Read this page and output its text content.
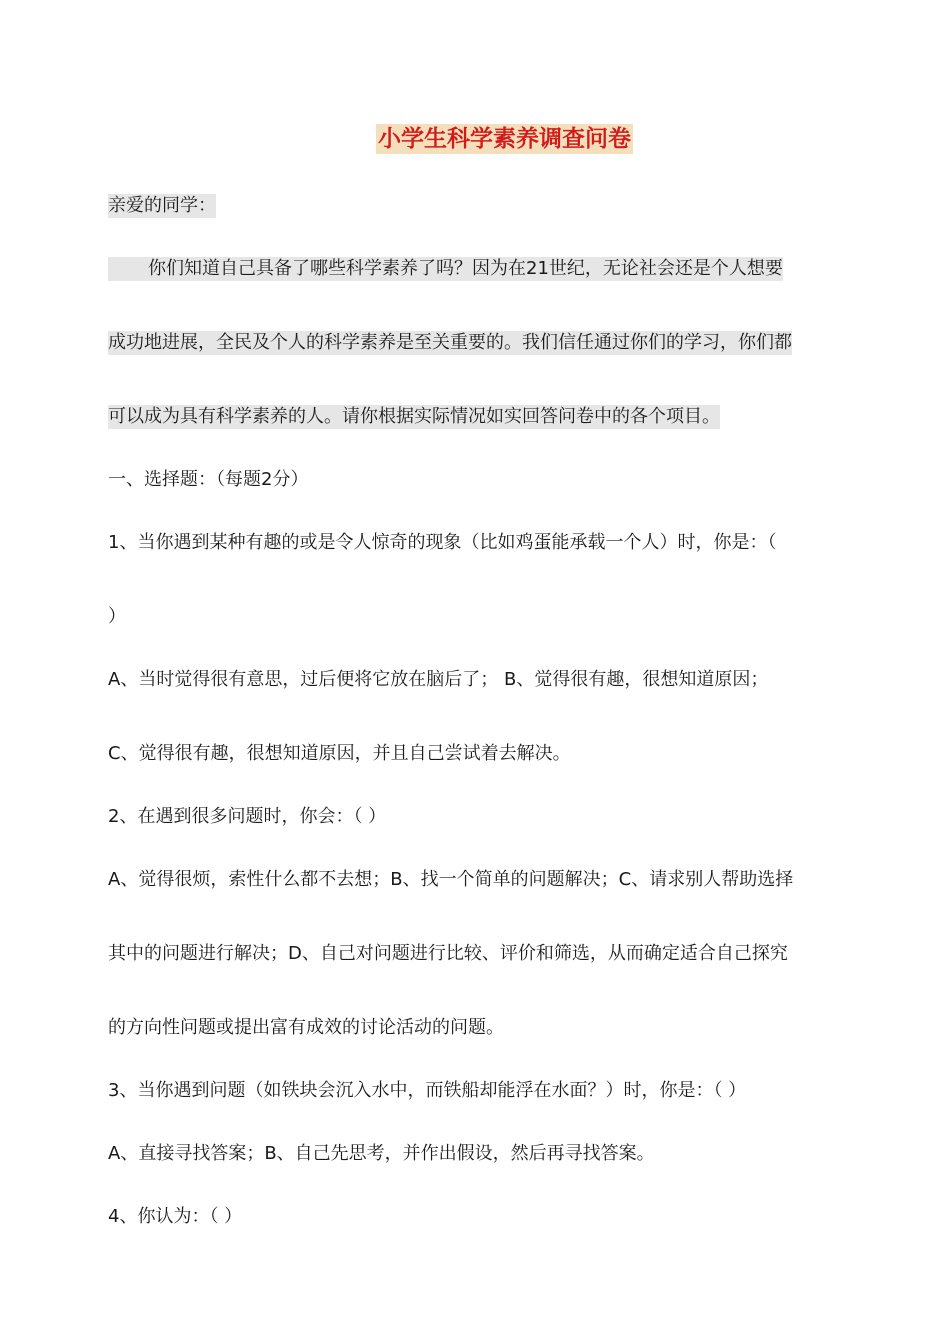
小学生科学素养调查问卷
亲爱的同学：
你们知道自己具备了哪些科学素养了吗？因为在21世纪，无论社会还是个人想要
成功地进展，全民及个人的科学素养是至关重要的。我们信任通过你们的学习，你们都
可以成为具有科学素养的人。请你根据实际情况如实回答问卷中的各个项目。
一、选择题：（每题2分）
1、当你遇到某种有趣的或是令人惊奇的现象（比如鸡蛋能承载一个人）时，你是：（
）
A、当时觉得很有意思，过后便将它放在脑后了； B、觉得很有趣，很想知道原因；
C、觉得很有趣，很想知道原因，并且自己尝试着去解决。
2、在遇到很多问题时，你会：（ ）
A、觉得很烦，索性什么都不去想；B、找一个简单的问题解决；C、请求别人帮助选择
其中的问题进行解决；D、自己对问题进行比较、评价和筛选，从而确定适合自己探究
的方向性问题或提出富有成效的讨论活动的问题。
3、当你遇到问题（如铁块会沉入水中，而铁船却能浮在水面？）时，你是：（ ）
A、直接寻找答案；B、自己先思考，并作出假设，然后再寻找答案。
4、你认为：（ ）
